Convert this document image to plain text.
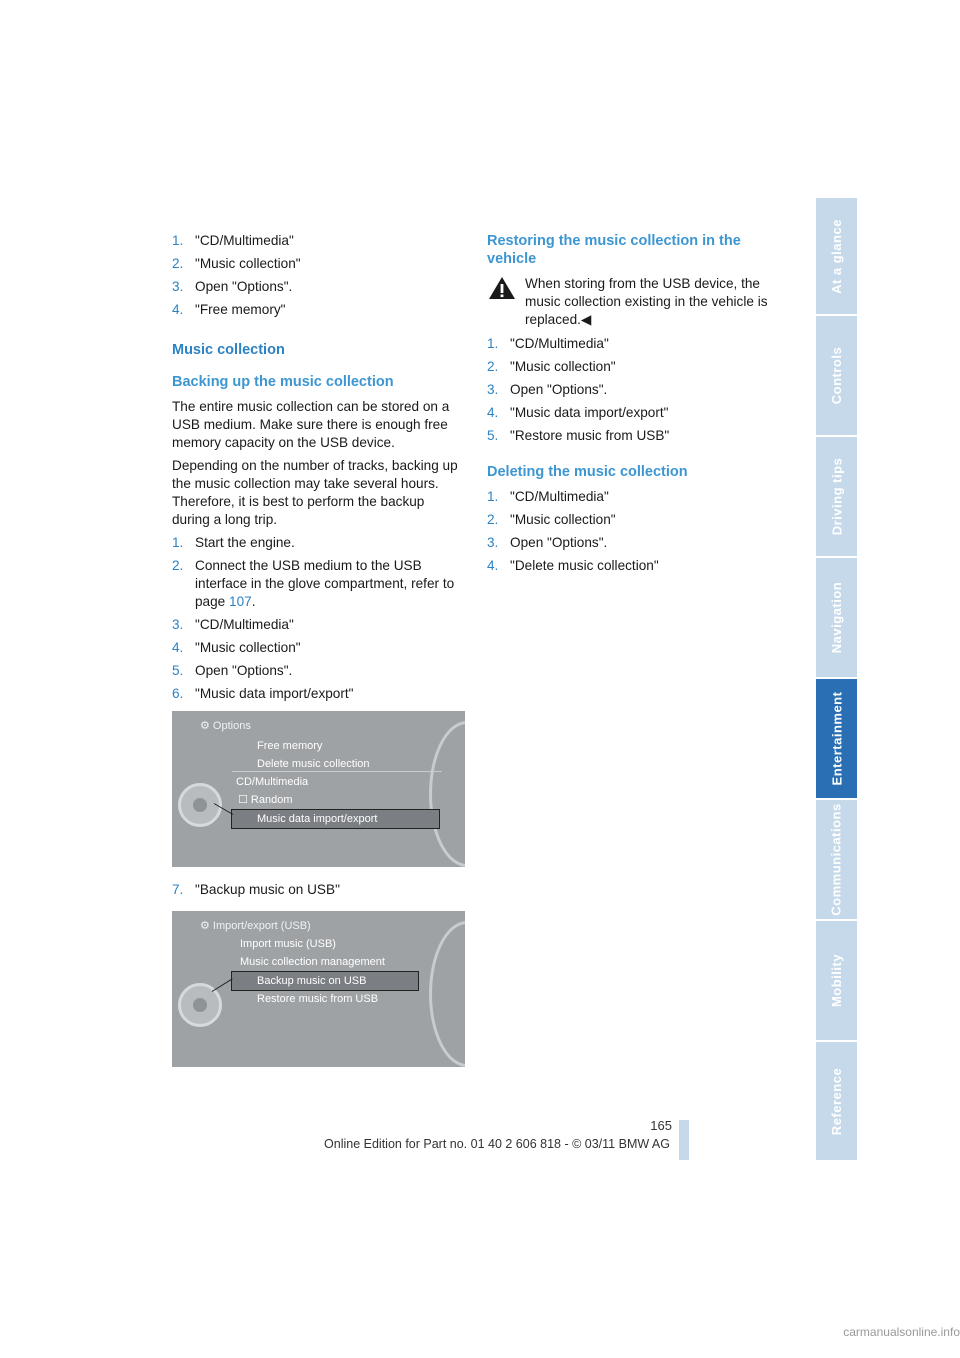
1. "CD/Multimedia"
2. "Music collection"
3. Open "Options".
4. "Free memory"
Music collection
Backing up the music collection

The entire music collection can be stored on a USB medium. Make sure there is enough free memory capacity on the USB device.

Depending on the number of tracks, backing up the music collection may take several hours. Therefore, it is best to perform the backup during a long trip.

1. Start the engine.
2. Connect the USB medium to the USB interface in the glove compartment, refer to page 107.
3. "CD/Multimedia"
4. "Music collection"
5. Open "Options".
6. "Music data import/export"
⚙ Options
Free memory
Delete music collection
CD/Multimedia
☐ Random
Music data import/export
7. "Backup music on USB"
⚙ Import/export (USB)
Import music (USB)
Music collection management
Backup music on USB
Restore music from USB
Restoring the music collection in the vehicle

When storing from the USB device, the music collection existing in the vehicle is replaced.◀

1. "CD/Multimedia"
2. "Music collection"
3. Open "Options".
4. "Music data import/export"
5. "Restore music from USB"
Deleting the music collection
1. "CD/Multimedia"
2. "Music collection"
3. Open "Options".
4. "Delete music collection"
At a glance
Controls
Driving tips
Navigation
Entertainment
Communications
Mobility
Reference
165
Online Edition for Part no. 01 40 2 606 818 - © 03/11 BMW AG
carmanualsonline.info
